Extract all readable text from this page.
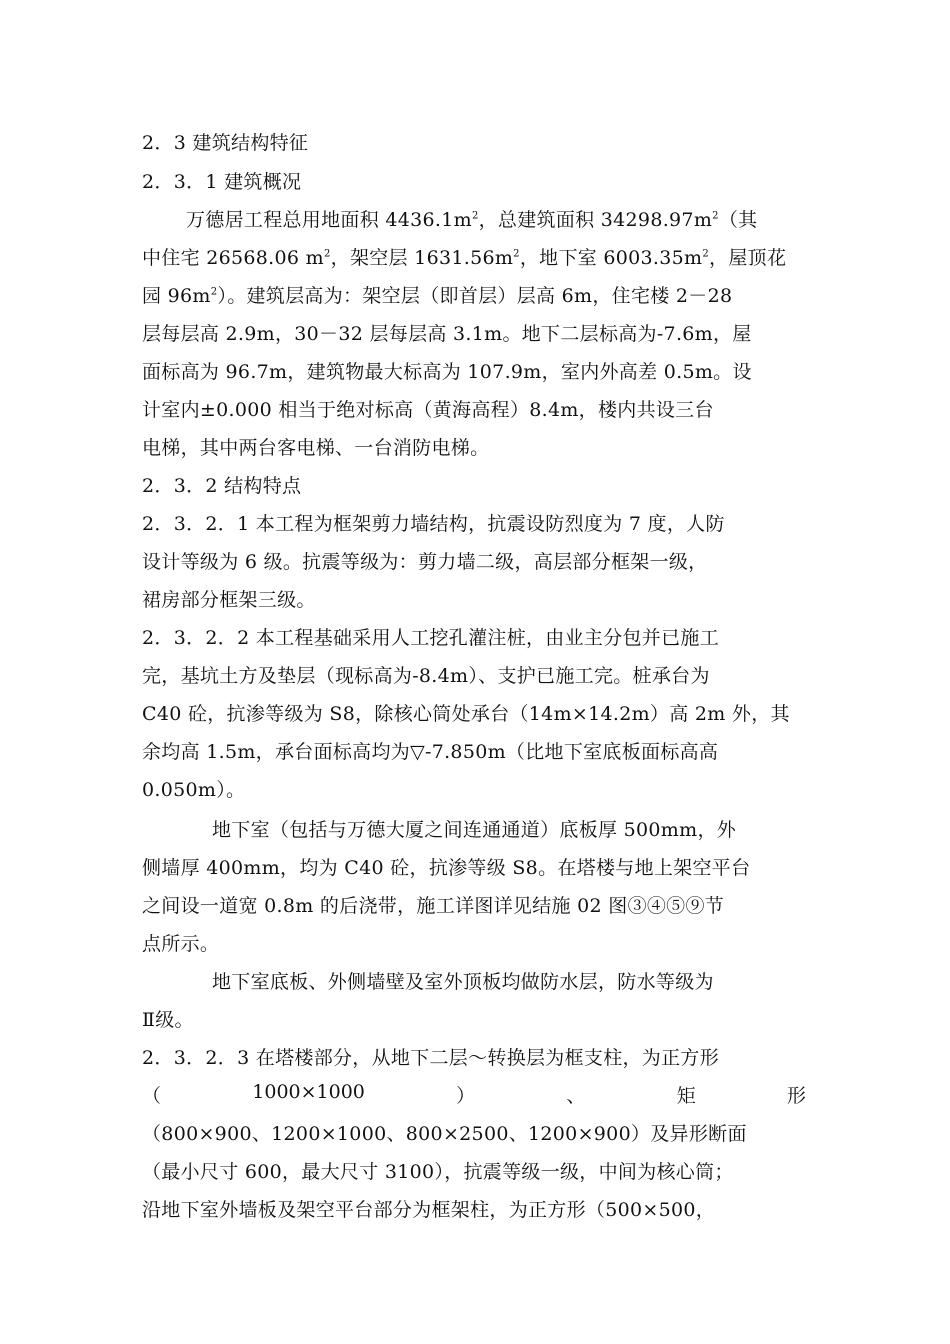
2．3 建筑结构特征
2．3．1 建筑概况
万德居工程总用地面积 $4436.1m^2$，总建筑面积 $34298.97m^2$（其
中住宅 26568.06 $m^2$，架空层 $1631.56m^2$，地下室 $6003.35m^2$，屋顶花
园 $96m^2$）。建筑层高为：架空层（即首层）层高 6m，住宅楼 2－28
层每层高 2.9m，30－32 层每层高 3.1m。地下二层标高为-7.6m，屋
面标高为 96.7m，建筑物最大标高为 107.9m，室内外高差 0.5m。设
计室内±0.000 相当于绝对标高（黄海高程）8.4m，楼内共设三台
电梯，其中两台客电梯、一台消防电梯。
2．3．2 结构特点
2．3．2．1 本工程为框架剪力墙结构，抗震设防烈度为 7 度，人防
设计等级为 6 级。抗震等级为：剪力墙二级，高层部分框架一级，
裙房部分框架三级。
2．3．2．2 本工程基础采用人工挖孔灌注桩，由业主分包并已施工
完，基坑土方及垫层（现标高为-8.4m）、支护已施工完。桩承台为
C40 砼，抗渗等级为 S8，除核心筒处承台（14m×14.2m）高 2m 外，其
余均高 1.5m，承台面标高均为▽-7.850m（比地下室底板面标高高
0.050m）。
地下室（包括与万德大厦之间连通通道）底板厚 500mm，外
侧墙厚 400mm，均为 C40 砼，抗渗等级 S8。在塔楼与地上架空平台
之间设一道宽 0.8m 的后浇带，施工详图详见结施 02 图③④⑤⑨节
点所示。
地下室底板、外侧墙壁及室外顶板均做防水层，防水等级为
Ⅱ级。
2．3．2．3 在塔楼部分，从地下二层～转换层为框支柱，为正方形
（	1000×1000	）	、	矩	形
（800×900、1200×1000、800×2500、1200×900）及异形断面
（最小尺寸 600，最大尺寸 3100），抗震等级一级，中间为核心筒；
沿地下室外墙板及架空平台部分为框架柱，为正方形（500×500，
